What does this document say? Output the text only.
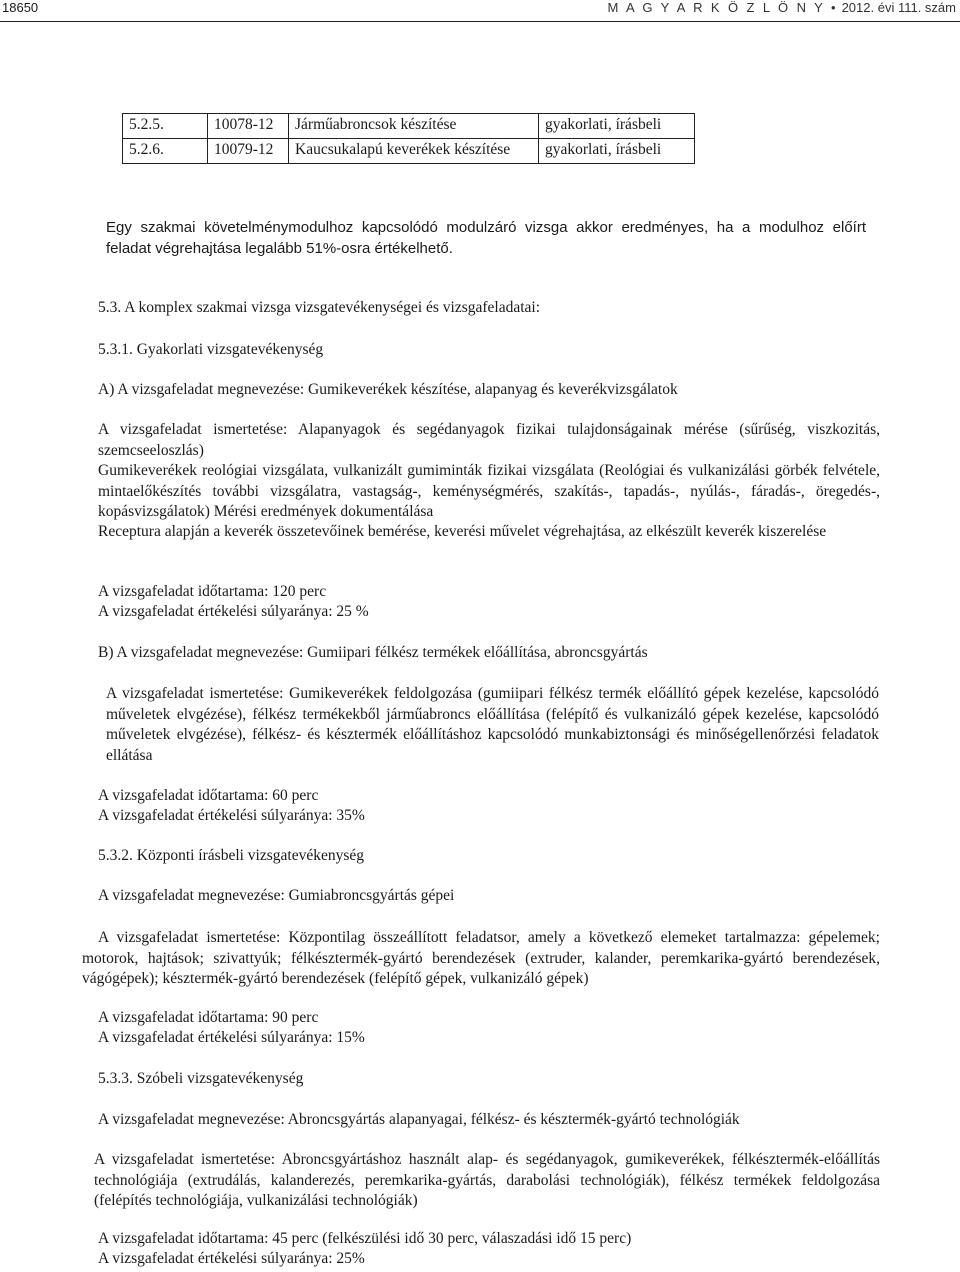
18650	M A G Y A R K Ö Z L Ö N Y • 2012. évi 111. szám
5.2.5.	10078-12	Járműabroncsok készítése	gyakorlati, írásbeli
5.2.6.	10079-12	Kaucsukalapú keverékek készítése	gyakorlati, írásbeli
Egy szakmai követelménymodulhoz kapcsolódó modulzáró vizsga akkor eredményes, ha a modulhoz előírt feladat végrehajtása legalább 51%-osra értékelhető.
5.3. A komplex szakmai vizsga vizsgatevékenységei és vizsgafeladatai:
5.3.1. Gyakorlati vizsgatevékenység
A) A vizsgafeladat megnevezése: Gumikeverékek készítése, alapanyag és keverékvizsgálatok
A vizsgafeladat ismertetése: Alapanyagok és segédanyagok fizikai tulajdonságainak mérése (sűrűség, viszkozitás, szemcseeloszlás)
Gumikeverékek reológiai vizsgálata, vulkanizált gumiminták fizikai vizsgálata (Reológiai és vulkanizálási görbék felvétele, mintaelőkészítés további vizsgálatra, vastagság-, keménységmérés, szakítás-, tapadás-, nyúlás-, fáradás-, öregedés-, kopásvizsgálatok) Mérési eredmények dokumentálása
Receptura alapján a keverék összetevőinek bemérése, keverési művelet végrehajtása, az elkészült keverék kiszerelése
A vizsgafeladat időtartama: 120 perc
A vizsgafeladat értékelési súlyaránya: 25 %
B) A vizsgafeladat megnevezése: Gumiipari félkész termékek előállítása, abroncsgyártás
A vizsgafeladat ismertetése: Gumikeverékek feldolgozása (gumiipari félkész termék előállító gépek kezelése, kapcsolódó műveletek elvgézése), félkész termékekből járműabroncs előállítása (felépítő és vulkanizáló gépek kezelése, kapcsolódó műveletek elvgézése), félkész- és késztermék előállításhoz kapcsolódó munkabiztonsági és minőségellenőrzési feladatok ellátása
A vizsgafeladat időtartama: 60 perc
A vizsgafeladat értékelési súlyaránya: 35%
5.3.2. Központi írásbeli vizsgatevékenység
A vizsgafeladat megnevezése: Gumiabroncsgyártás gépei
A vizsgafeladat ismertetése: Központilag összeállított feladatsor, amely a következő elemeket tartalmazza: gépelemek; motorok, hajtások; szivattyúk; félkésztermék-gyártó berendezések (extruder, kalander, peremkarika-gyártó berendezések, vágógépek); késztermék-gyártó berendezések (felépítő gépek, vulkanizáló gépek)
A vizsgafeladat időtartama: 90 perc
A vizsgafeladat értékelési súlyaránya: 15%
5.3.3. Szóbeli vizsgatevékenység
A vizsgafeladat megnevezése: Abroncsgyártás alapanyagai, félkész- és késztermék-gyártó technológiák
A vizsgafeladat ismertetése: Abroncsgyártáshoz használt alap- és segédanyagok, gumikeverékek, félkésztermék-előállítás technológiája (extrudálás, kalanderezés, peremkarika-gyártás, darabolási technológiák), félkész termékek feldolgozása (felépítés technológiája, vulkanizálási technológiák)
A vizsgafeladat időtartama: 45 perc (felkészülési idő 30 perc, válaszadási idő 15 perc)
A vizsgafeladat értékelési súlyaránya: 25%
